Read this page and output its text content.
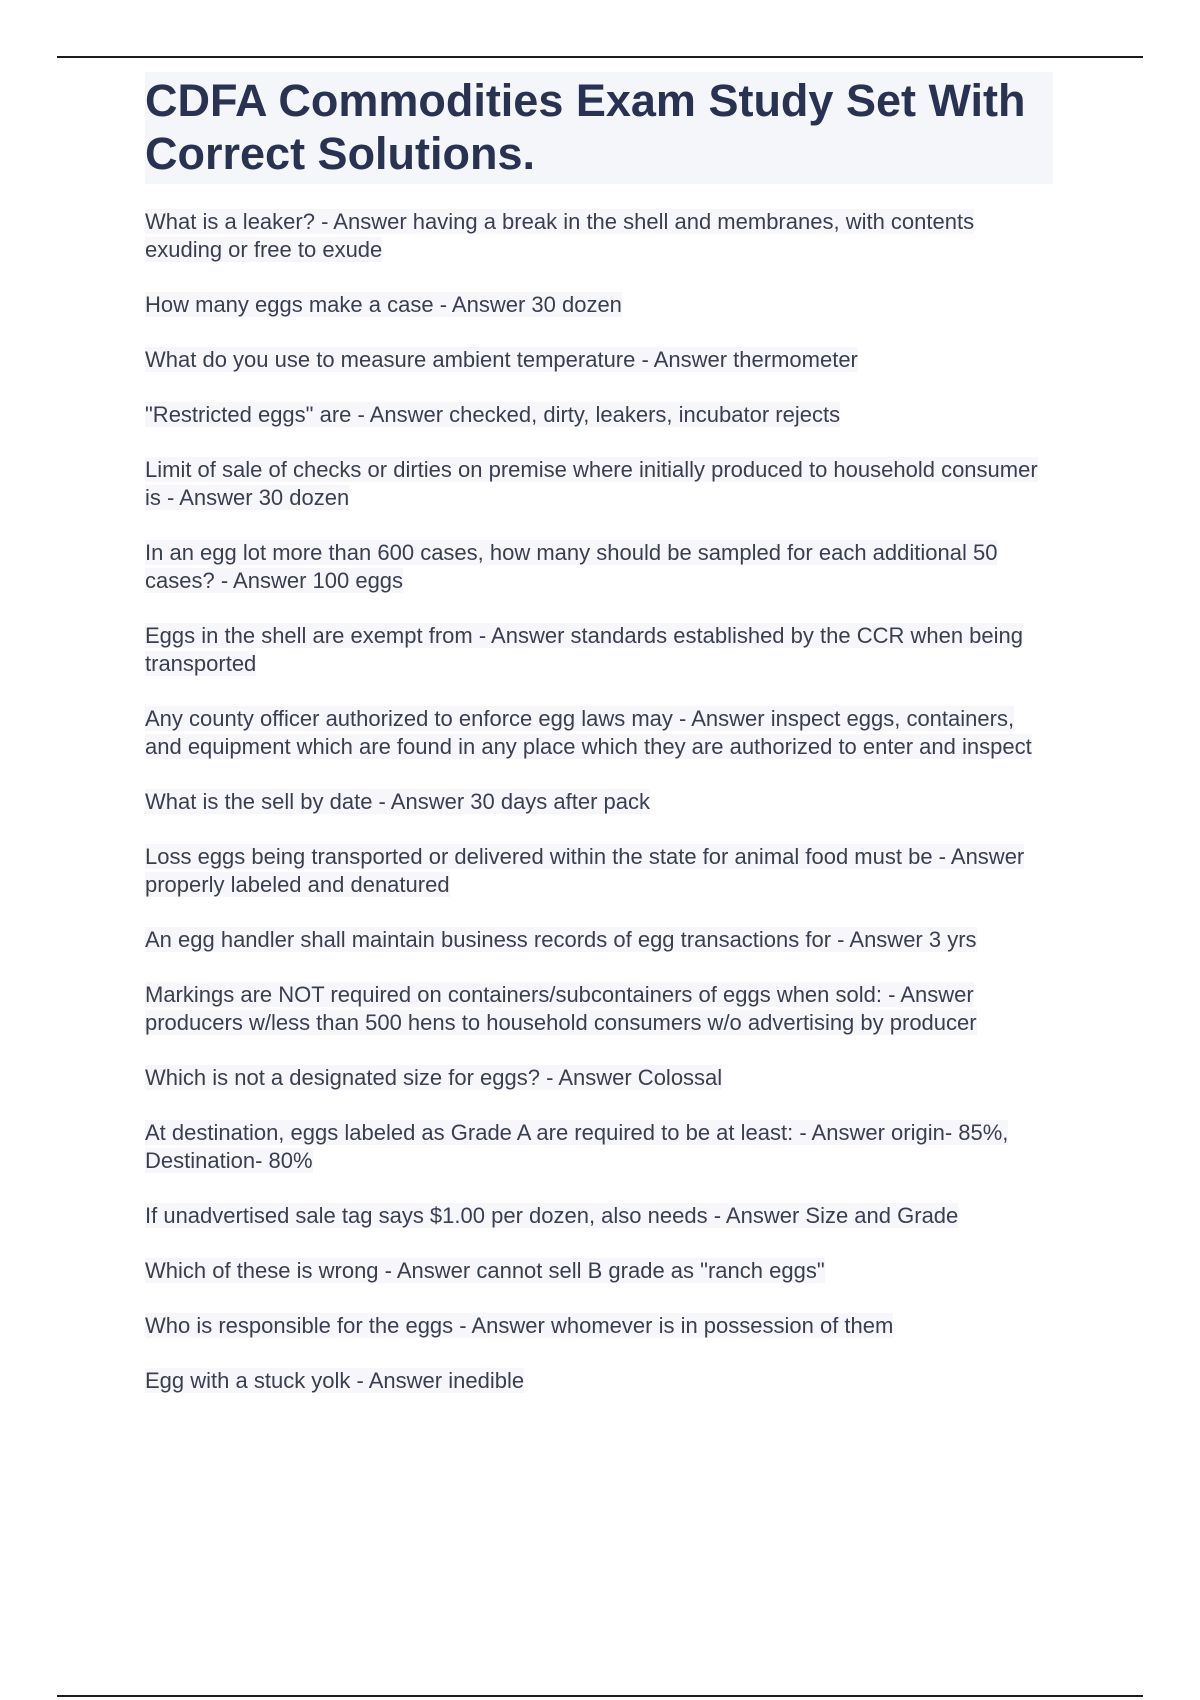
CDFA Commodities Exam Study Set With Correct Solutions.
What is a leaker? - Answer having a break in the shell and membranes, with contents exuding or free to exude
How many eggs make a case - Answer 30 dozen
What do you use to measure ambient temperature - Answer thermometer
"Restricted eggs" are - Answer checked, dirty, leakers, incubator rejects
Limit of sale of checks or dirties on premise where initially produced to household consumer is - Answer 30 dozen
In an egg lot more than 600 cases, how many should be sampled for each additional 50 cases? - Answer 100 eggs
Eggs in the shell are exempt from - Answer standards established by the CCR when being transported
Any county officer authorized to enforce egg laws may - Answer inspect eggs, containers, and equipment which are found in any place which they are authorized to enter and inspect
What is the sell by date - Answer 30 days after pack
Loss eggs being transported or delivered within the state for animal food must be - Answer properly labeled and denatured
An egg handler shall maintain business records of egg transactions for - Answer 3 yrs
Markings are NOT required on containers/subcontainers of eggs when sold: - Answer producers w/less than 500 hens to household consumers w/o advertising by producer
Which is not a designated size for eggs? - Answer Colossal
At destination, eggs labeled as Grade A are required to be at least: - Answer origin- 85%, Destination- 80%
If unadvertised sale tag says $1.00 per dozen, also needs - Answer Size and Grade
Which of these is wrong - Answer cannot sell B grade as "ranch eggs"
Who is responsible for the eggs - Answer whomever is in possession of them
Egg with a stuck yolk - Answer inedible
